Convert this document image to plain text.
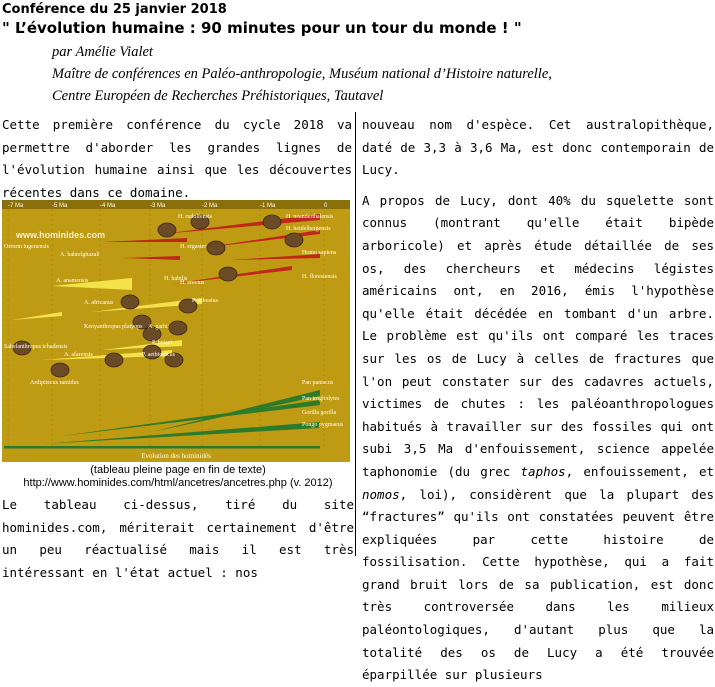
Conférence du 25 janvier 2018
" L’évolution humaine : 90 minutes pour un tour du monde ! "
par Amélie Vialet
Maître de conférences en Paléo-anthropologie, Muséum national d’Histoire naturelle,
Centre Européen de Recherches Préhistoriques, Tautavel

Cette première conférence du cycle 2018 va permettre d'aborder les grandes lignes de l'évolution humaine ainsi que les découvertes récentes dans ce domaine.

-7 Ma	-5 Ma	-4 Ma	-3 Ma	-2 Ma	-1 Ma	0
www.hominides.com
Orrorin tugenensis
Sahelanthropus tchadensis
Ardipitecus ramidus
A. bahrelghazali
A. anamensis
A. africanus
Kenyanthropus platyops
A. afarensis
H. rudolfensis
H. ergaster
H. habilis
H. erectus
H. neanderthalensis
H. heidelbergensis
Homo sapiens
H. floresiensis
P. robustus
A. garhi
P. boisei
P. aethiopicus
Pan paniscus
Pan troglodytes
Gorilla gorilla
Pongo pygmaeus
Evolution des hominidés
(tableau pleine page en fin de texte)
http://www.hominides.com/html/ancetres/ancetres.php (v. 2012)

Le tableau ci-dessus, tiré du site hominides.com, mériterait certainement d'être un peu réactualisé mais il est très intéressant en l'état actuel : nos

nouveau nom d'espèce. Cet australopithèque, daté de 3,3 à 3,6 Ma, est donc contemporain de Lucy.

A propos de Lucy, dont 40% du squelette sont connus (montrant qu'elle était bipède arboricole) et après étude détaillée de ses os, des chercheurs et médecins légistes américains ont, en 2016, émis l'hypothèse qu'elle était décédée en tombant d'un arbre. Le problème est qu'ils ont comparé les traces sur les os de Lucy à celles de fractures que l'on peut constater sur des cadavres actuels, victimes de chutes : les paléoanthropologues habitués à travailler sur des fossiles qui ont subi 3,5 Ma d'enfouissement, science appelée taphonomie (du grec taphos, enfouissement, et nomos, loi), considèrent que la plupart des “fractures” qu'ils ont constatées peuvent être expliquées par cette histoire de fossilisation. Cette hypothèse, qui a fait grand bruit lors de sa publication, est donc très controversée dans les milieux paléontologiques, d'autant plus que la totalité des os de Lucy a été trouvée éparpillée sur plusieurs
